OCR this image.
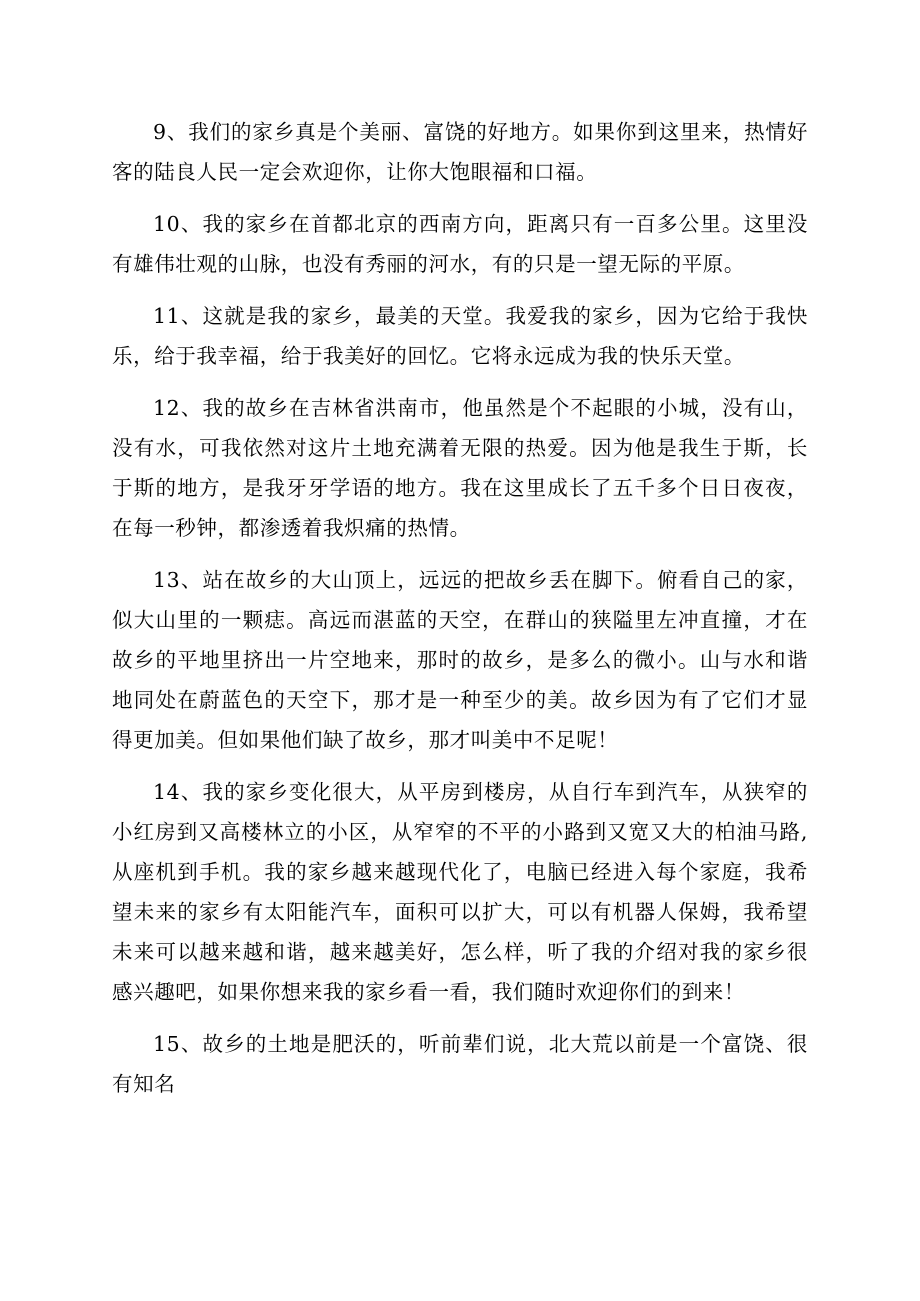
9、我们的家乡真是个美丽、富饶的好地方。如果你到这里来，热情好客的陆良人民一定会欢迎你，让你大饱眼福和口福。

10、我的家乡在首都北京的西南方向，距离只有一百多公里。这里没有雄伟壮观的山脉，也没有秀丽的河水，有的只是一望无际的平原。

11、这就是我的家乡，最美的天堂。我爱我的家乡，因为它给于我快乐，给于我幸福，给于我美好的回忆。它将永远成为我的快乐天堂。

12、我的故乡在吉林省洪南市，他虽然是个不起眼的小城，没有山，没有水，可我依然对这片土地充满着无限的热爱。因为他是我生于斯，长于斯的地方，是我牙牙学语的地方。我在这里成长了五千多个日日夜夜，在每一秒钟，都渗透着我炽痛的热情。

13、站在故乡的大山顶上，远远的把故乡丢在脚下。俯看自己的家，似大山里的一颗痣。高远而湛蓝的天空，在群山的狭隘里左冲直撞，才在故乡的平地里挤出一片空地来，那时的故乡，是多么的微小。山与水和谐地同处在蔚蓝色的天空下，那才是一种至少的美。故乡因为有了它们才显得更加美。但如果他们缺了故乡，那才叫美中不足呢！

14、我的家乡变化很大，从平房到楼房，从自行车到汽车，从狭窄的小红房到又高楼林立的小区，从窄窄的不平的小路到又宽又大的柏油马路,从座机到手机。我的家乡越来越现代化了，电脑已经进入每个家庭，我希望未来的家乡有太阳能汽车，面积可以扩大，可以有机器人保姆，我希望未来可以越来越和谐，越来越美好，怎么样，听了我的介绍对我的家乡很感兴趣吧，如果你想来我的家乡看一看，我们随时欢迎你们的到来！

15、故乡的土地是肥沃的，听前辈们说，北大荒以前是一个富饶、很有知名
